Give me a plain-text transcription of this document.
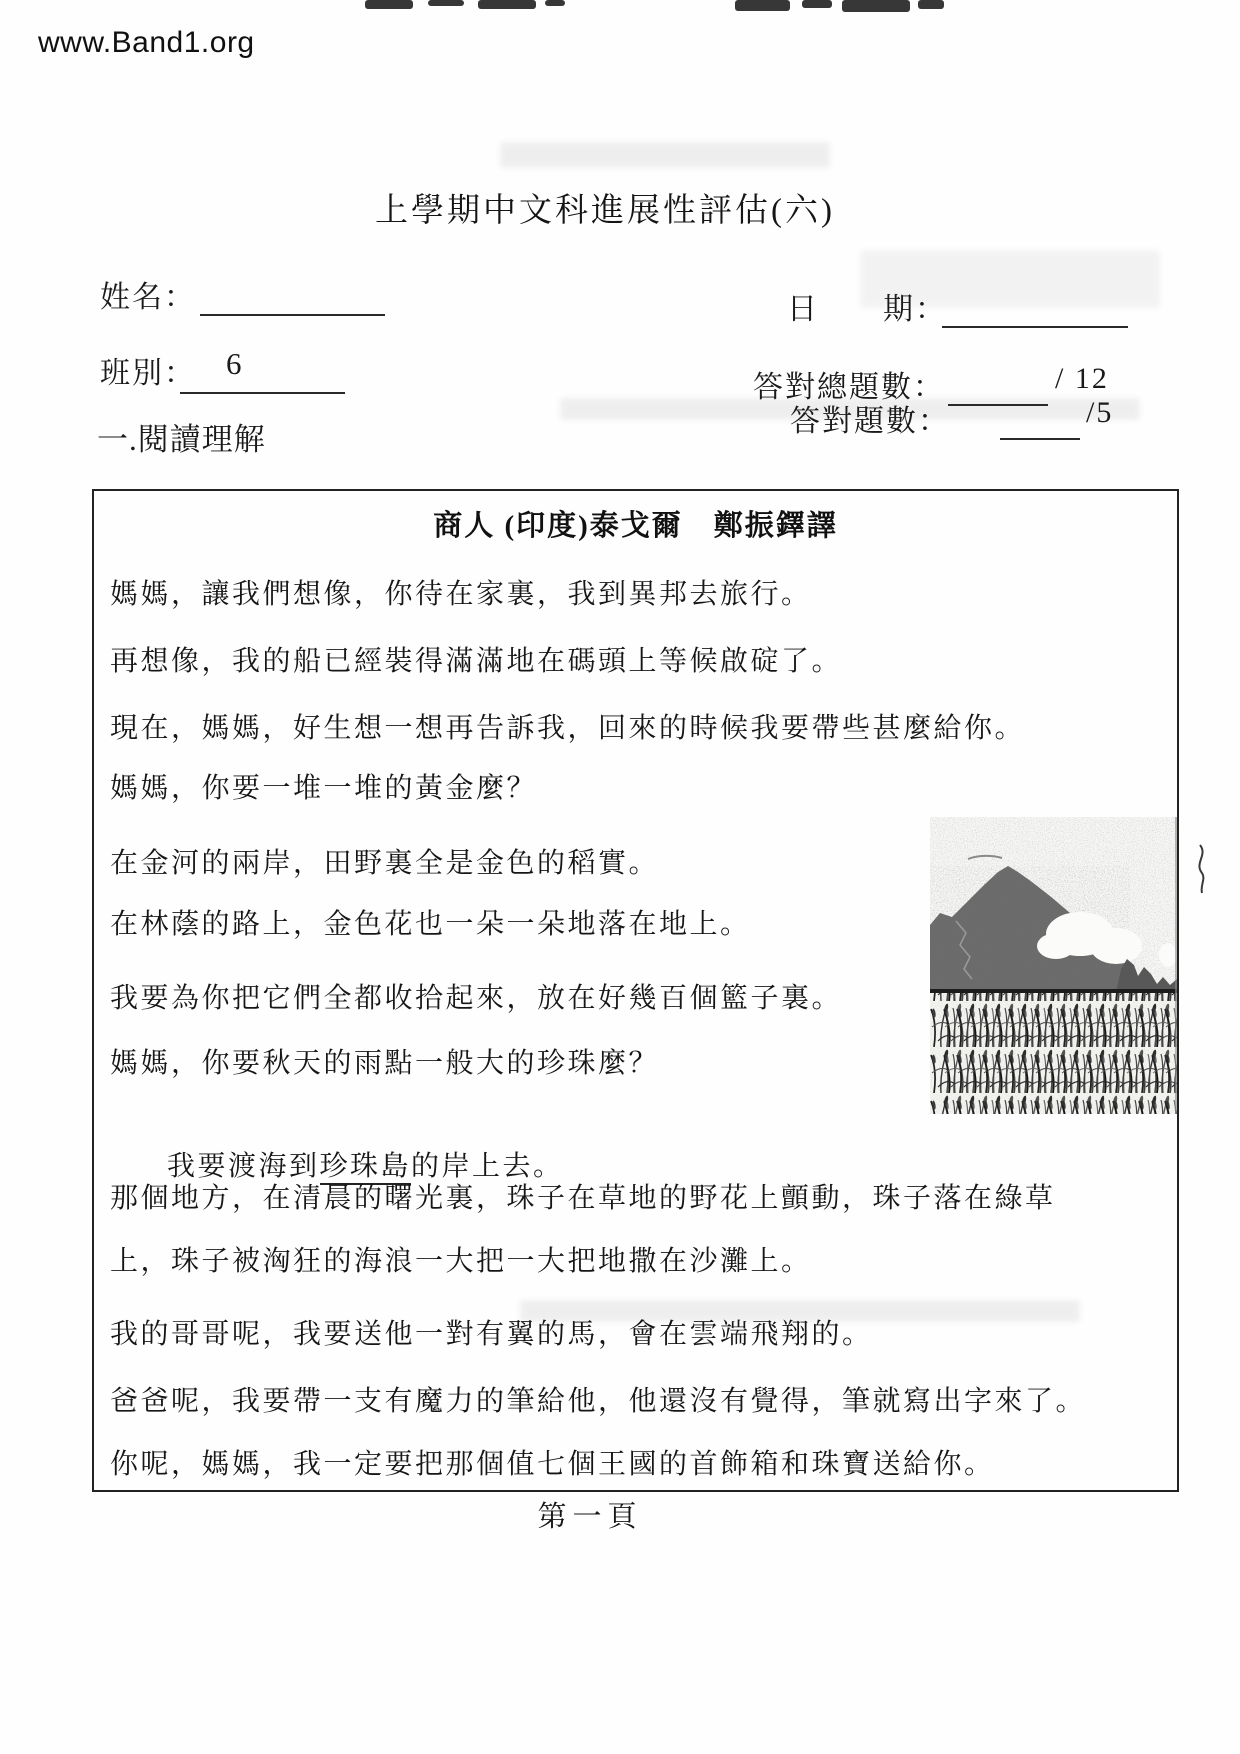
www.Band1.org
上學期中文科進展性評估(六)
姓名：
班別： 6
日　　期：
答對總題數：	/ 12
一.閱讀理解
答對題數：	/5
商人 (印度)泰戈爾　鄭振鐸譯
媽媽，讓我們想像，你待在家裏，我到異邦去旅行。
再想像，我的船已經裝得滿滿地在碼頭上等候啟碇了。
現在，媽媽，好生想一想再告訴我，回來的時候我要帶些甚麼給你。
媽媽，你要一堆一堆的黃金麼？
在金河的兩岸，田野裏全是金色的稻實。
在林蔭的路上，金色花也一朵一朵地落在地上。
我要為你把它們全都收拾起來，放在好幾百個籃子裏。
媽媽，你要秋天的雨點一般大的珍珠麼？

我要渡海到珍珠島的岸上去。

那個地方，在清晨的曙光裏，珠子在草地的野花上顫動，珠子落在綠草
上，珠子被洶狂的海浪一大把一大把地撒在沙灘上。
我的哥哥呢，我要送他一對有翼的馬，會在雲端飛翔的。
爸爸呢，我要帶一支有魔力的筆給他，他還沒有覺得，筆就寫出字來了。
你呢，媽媽，我一定要把那個值七個王國的首飾箱和珠寶送給你。
第一頁
